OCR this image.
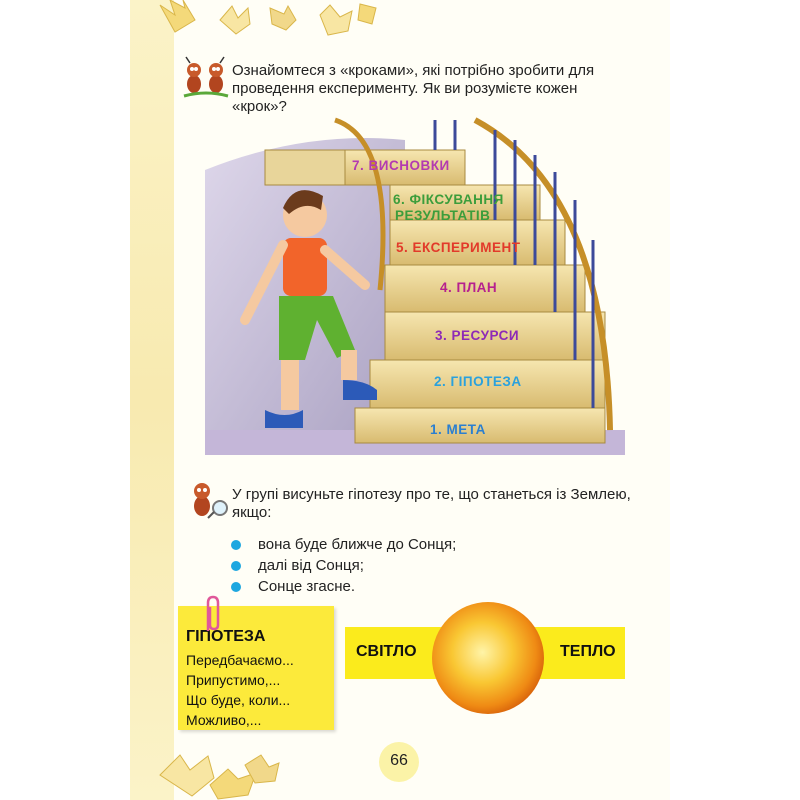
Ознайомтеся з «кроками», які потрібно зробити для проведення експерименту. Як ви розумієте кожен «крок»?
1. МЕТА
2. ГІПОТЕЗА
3. РЕСУРСИ
4. ПЛАН
5. ЕКСПЕРИМЕНТ
6. ФІКСУВАННЯ
РЕЗУЛЬТАТІВ
7. ВИСНОВКИ
У групі висуньте гіпотезу про те, що станеться із Землею, якщо:
вона буде ближче до Сонця;
далі від Сонця;
Сонце згасне.
ГІПОТЕЗА
Передбачаємо...
Припустимо,...
Що буде, коли...
Можливо,...
СВІТЛО	ТЕПЛО
66
